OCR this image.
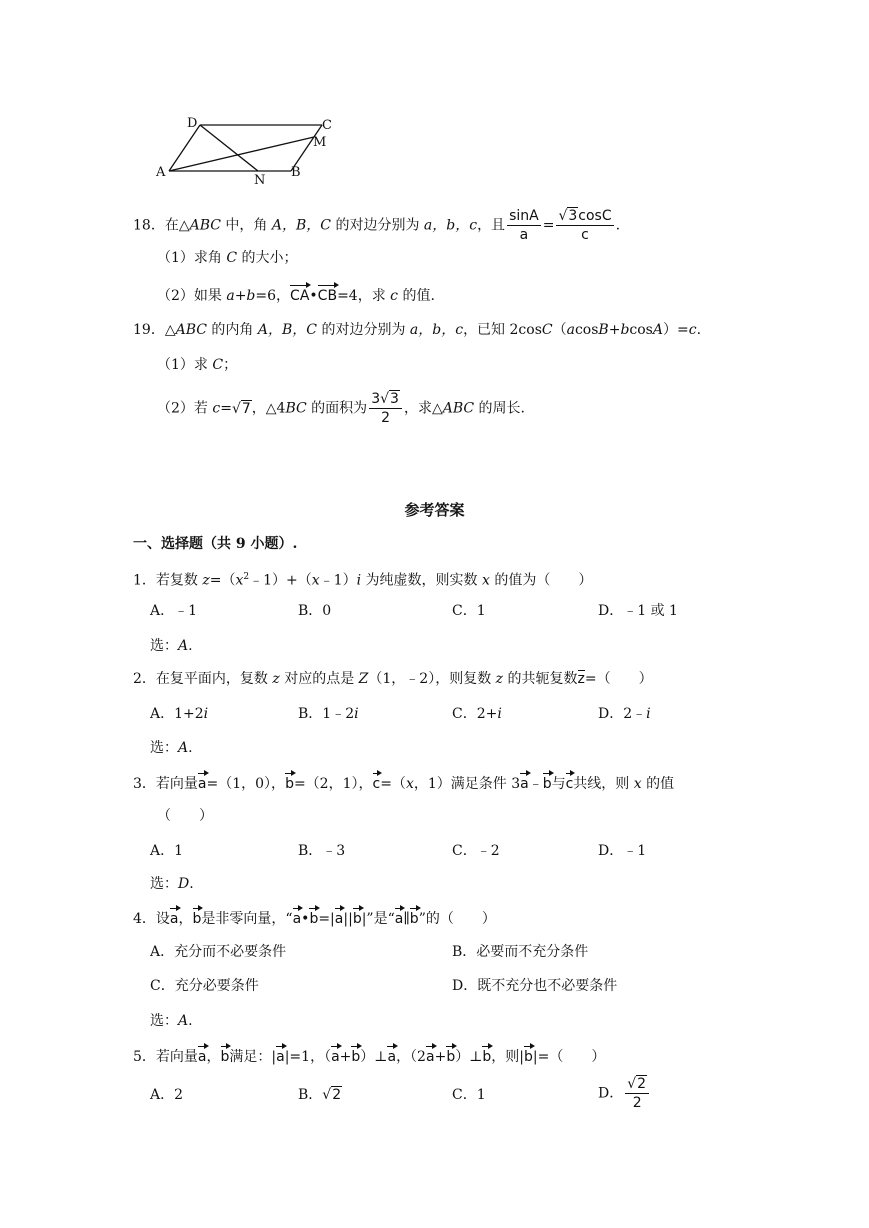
D	C
M
A
N
B
18．在△ABC 中，角 A，B，C 的对边分别为 a，b，c，且 $\frac{\sin A}{a} = \frac{√3\cos C}{c}$ .
（1）求角 C 的大小；
（2）如果 a+b=6，CA•CB=4，求 c 的值.
19．△ABC 的内角 A，B，C 的对边分别为 a，b，c，已知 2cosC（acosB+bcosA）=c.
（1）求 C；
（2）若 c=√7，△4BC 的面积为 $\frac{3√3}{2}$ ，求△ABC 的周长.
参考答案
一、选择题（共 9 小题）.
1．若复数 $z=(x^2﹣1)+(x﹣1)i$ 为纯虚数，则实数 x 的值为（　　）
A．﹣1	B．0	C．1	D．﹣1 或 1
选：A.
2．在复平面内，复数 z 对应的点是 Z（1，﹣2），则复数 z 的共轭复数z=（　　）
A．1+2i	B．1﹣2i	C．2+i	D．2﹣i
选：A.
3．若向量a=（1，0），b=（2，1），c=（x，1）满足条件 3a﹣b与c共线，则 x 的值
（　　）
A．1	B．﹣3	C．﹣2	D．﹣1
选：D.
4．设a，b是非零向量，“a•b=|a||b|”是“a∥b”的（　　）
A．充分而不必要条件	B．必要而不充分条件
C．充分必要条件	D．既不充分也不必要条件
选：A.
5．若向量a，b满足：|a|=1，（a+b）⊥a，（2a+b）⊥b，则|b|=（　　）
A．2	B．√2	C．1	D． $\frac{√2}{2}$
